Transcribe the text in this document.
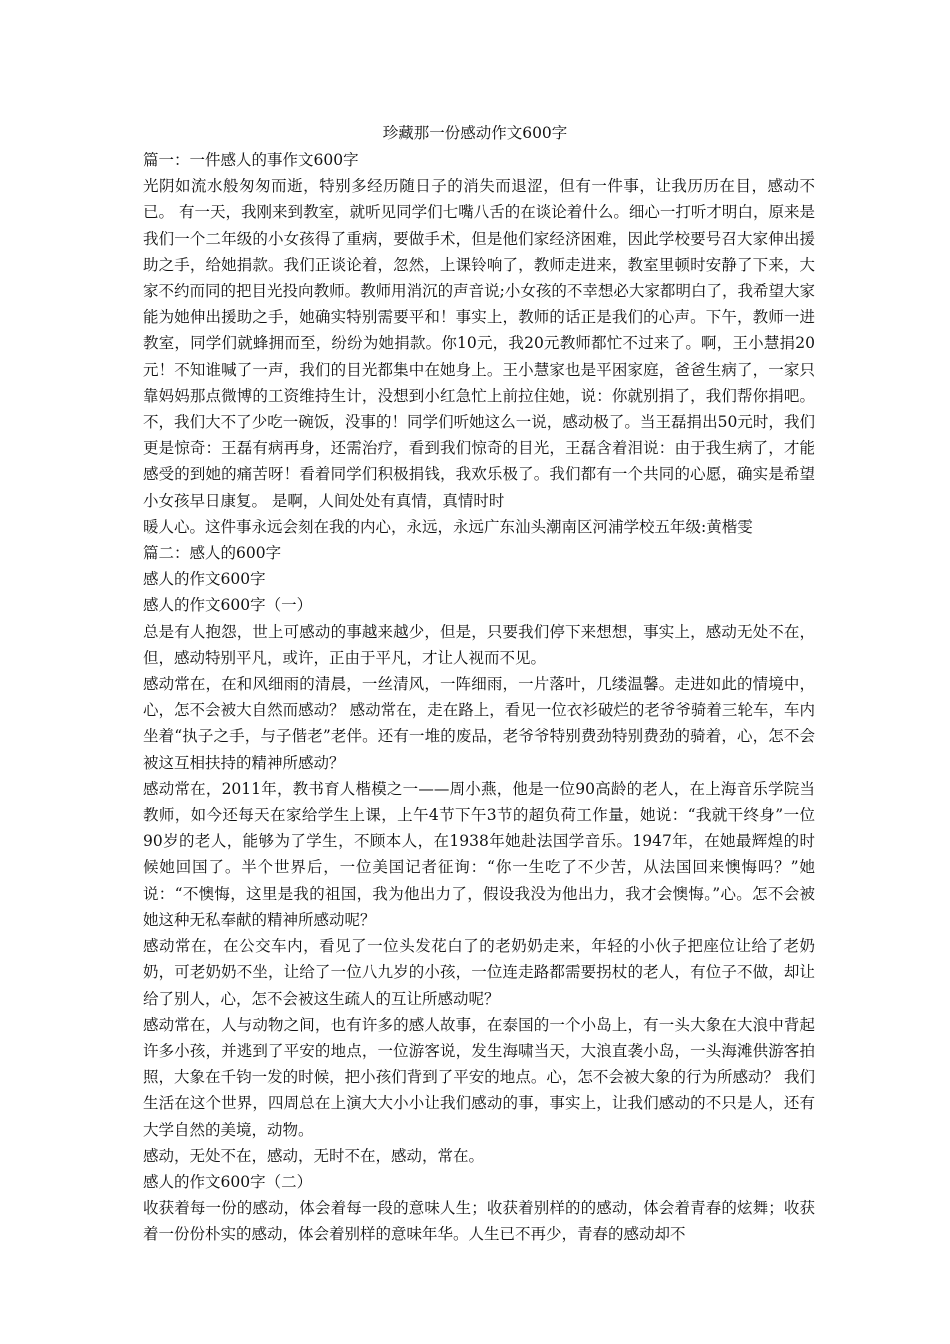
珍藏那一份感动作文600字

篇一：一件感人的事作文600字

光阴如流水般匆匆而逝，特别多经历随日子的消失而退涩，但有一件事，让我历历在目，感动不已。 有一天，我刚来到教室，就听见同学们七嘴八舌的在谈论着什么。细心一打听才明白，原来是我们一个二年级的小女孩得了重病，要做手术，但是他们家经济困难，因此学校要号召大家伸出援助之手，给她捐款。我们正谈论着，忽然，上课铃响了，教师走进来，教室里顿时安静了下来，大家不约而同的把目光投向教师。教师用消沉的声音说;小女孩的不幸想必大家都明白了，我希望大家能为她伸出援助之手，她确实特别需要平和！事实上，教师的话正是我们的心声。下午，教师一进教室，同学们就蜂拥而至，纷纷为她捐款。你10元，我20元教师都忙不过来了。啊，王小慧捐20元！不知谁喊了一声，我们的目光都集中在她身上。王小慧家也是平困家庭，爸爸生病了，一家只靠妈妈那点微博的工资维持生计，没想到小红急忙上前拉住她，说：你就别捐了，我们帮你捐吧。不，我们大不了少吃一碗饭，没事的！同学们听她这么一说，感动极了。当王磊捐出50元时，我们更是惊奇：王磊有病再身，还需治疗，看到我们惊奇的目光，王磊含着泪说：由于我生病了，才能感受的到她的痛苦呀！看着同学们积极捐钱，我欢乐极了。我们都有一个共同的心愿，确实是希望小女孩早日康复。 是啊，人间处处有真情，真情时时

暖人心。这件事永远会刻在我的内心，永远，永远广东汕头潮南区河浦学校五年级:黄楷雯

篇二：感人的600字

感人的作文600字

感人的作文600字（一）

总是有人抱怨，世上可感动的事越来越少，但是，只要我们停下来想想，事实上，感动无处不在，但，感动特别平凡，或许，正由于平凡，才让人视而不见。

感动常在，在和风细雨的清晨，一丝清风，一阵细雨，一片落叶，几缕温馨。走进如此的情境中，心，怎不会被大自然而感动？ 感动常在，走在路上，看见一位衣衫破烂的老爷爷骑着三轮车，车内坐着“执子之手，与子偕老”老伴。还有一堆的废品，老爷爷特别费劲特别费劲的骑着，心，怎不会被这互相扶持的精神所感动？

感动常在，2011年，教书育人楷模之一——周小燕，他是一位90高龄的老人，在上海音乐学院当教师，如今还每天在家给学生上课，上午4节下午3节的超负荷工作量，她说：“我就干终身”一位90岁的老人，能够为了学生，不顾本人，在1938年她赴法国学音乐。1947年，在她最辉煌的时候她回国了。半个世界后，一位美国记者征询：“你一生吃了不少苦，从法国回来懊悔吗？”她说：“不懊悔，这里是我的祖国，我为他出力了，假设我没为他出力，我才会懊悔。”心。怎不会被她这种无私奉献的精神所感动呢？

感动常在，在公交车内，看见了一位头发花白了的老奶奶走来，年轻的小伙子把座位让给了老奶奶，可老奶奶不坐，让给了一位八九岁的小孩，一位连走路都需要拐杖的老人，有位子不做，却让给了别人，心，怎不会被这生疏人的互让所感动呢？

感动常在，人与动物之间，也有许多的感人故事，在泰国的一个小岛上，有一头大象在大浪中背起许多小孩，并逃到了平安的地点，一位游客说，发生海啸当天，大浪直袭小岛，一头海滩供游客拍照，大象在千钧一发的时候，把小孩们背到了平安的地点。心，怎不会被大象的行为所感动？ 我们生活在这个世界，四周总在上演大大小小让我们感动的事，事实上，让我们感动的不只是人，还有大学自然的美境，动物。

感动，无处不在，感动，无时不在，感动，常在。

感人的作文600字（二）

收获着每一份的感动，体会着每一段的意味人生；收获着别样的的感动，体会着青春的炫舞；收获着一份份朴实的感动，体会着别样的意味年华。人生已不再少，青春的感动却不
